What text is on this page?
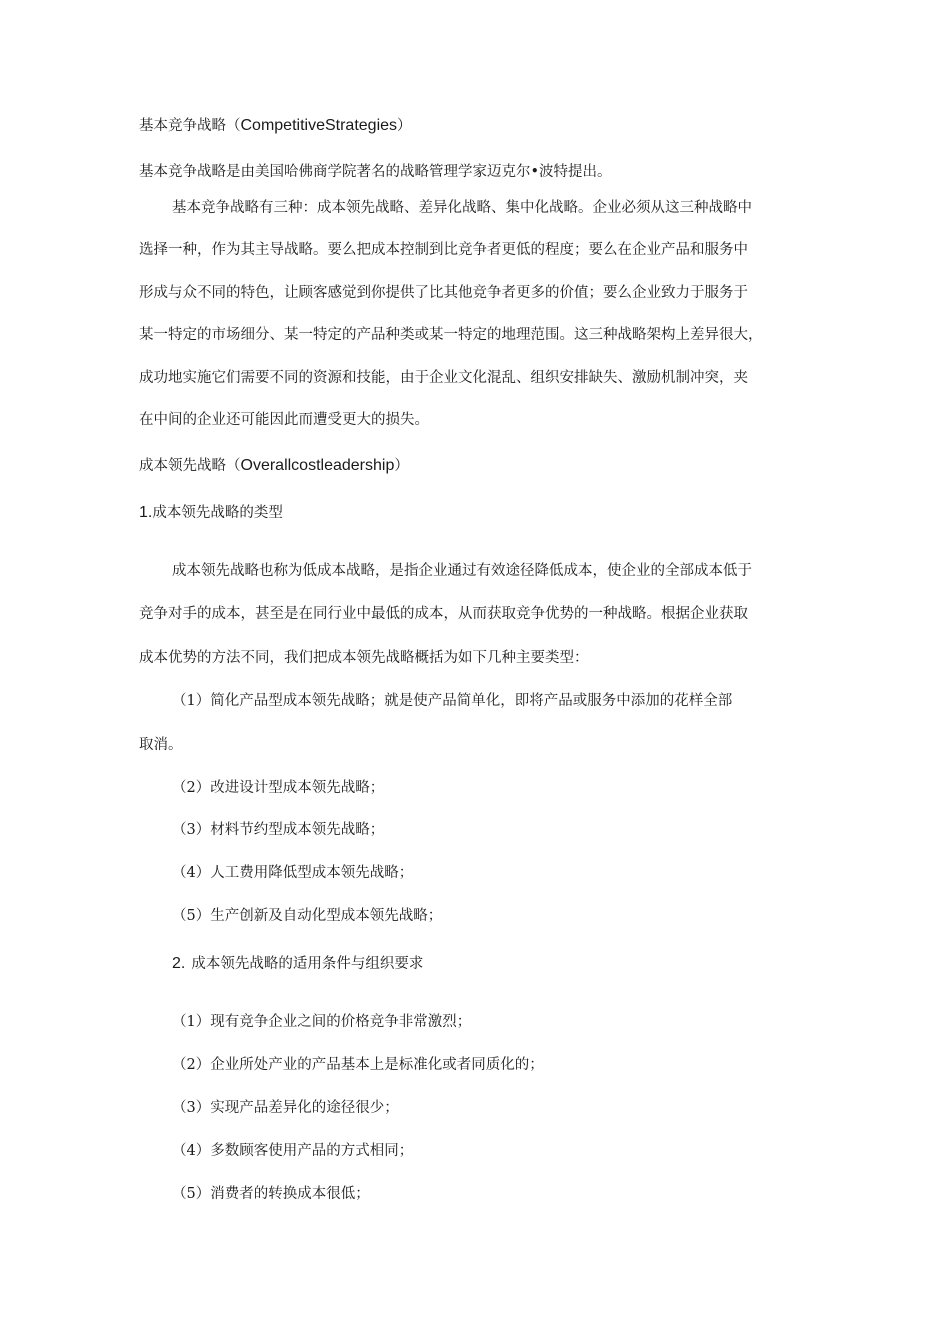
基本竞争战略（CompetitiveStrategies）
基本竞争战略是由美国哈佛商学院著名的战略管理学家迈克尔•波特提出。
基本竞争战略有三种：成本领先战略、差异化战略、集中化战略。企业必须从这三种战略中
选择一种，作为其主导战略。要么把成本控制到比竞争者更低的程度；要么在企业产品和服务中
形成与众不同的特色，让顾客感觉到你提供了比其他竞争者更多的价值；要么企业致力于服务于
某一特定的市场细分、某一特定的产品种类或某一特定的地理范围。这三种战略架构上差异很大，
成功地实施它们需要不同的资源和技能，由于企业文化混乱、组织安排缺失、激励机制冲突，夹
在中间的企业还可能因此而遭受更大的损失。
成本领先战略（Overallcostleadership）
1.成本领先战略的类型
成本领先战略也称为低成本战略，是指企业通过有效途径降低成本，使企业的全部成本低于
竞争对手的成本，甚至是在同行业中最低的成本，从而获取竞争优势的一种战略。根据企业获取
成本优势的方法不同，我们把成本领先战略概括为如下几种主要类型：
（1）简化产品型成本领先战略；就是使产品简单化，即将产品或服务中添加的花样全部
取消。
（2）改进设计型成本领先战略；
（3）材料节约型成本领先战略；
（4）人工费用降低型成本领先战略；
（5）生产创新及自动化型成本领先战略；
2. 成本领先战略的适用条件与组织要求
（1）现有竞争企业之间的价格竞争非常激烈；
（2）企业所处产业的产品基本上是标准化或者同质化的；
（3）实现产品差异化的途径很少；
（4）多数顾客使用产品的方式相同；
（5）消费者的转换成本很低；
